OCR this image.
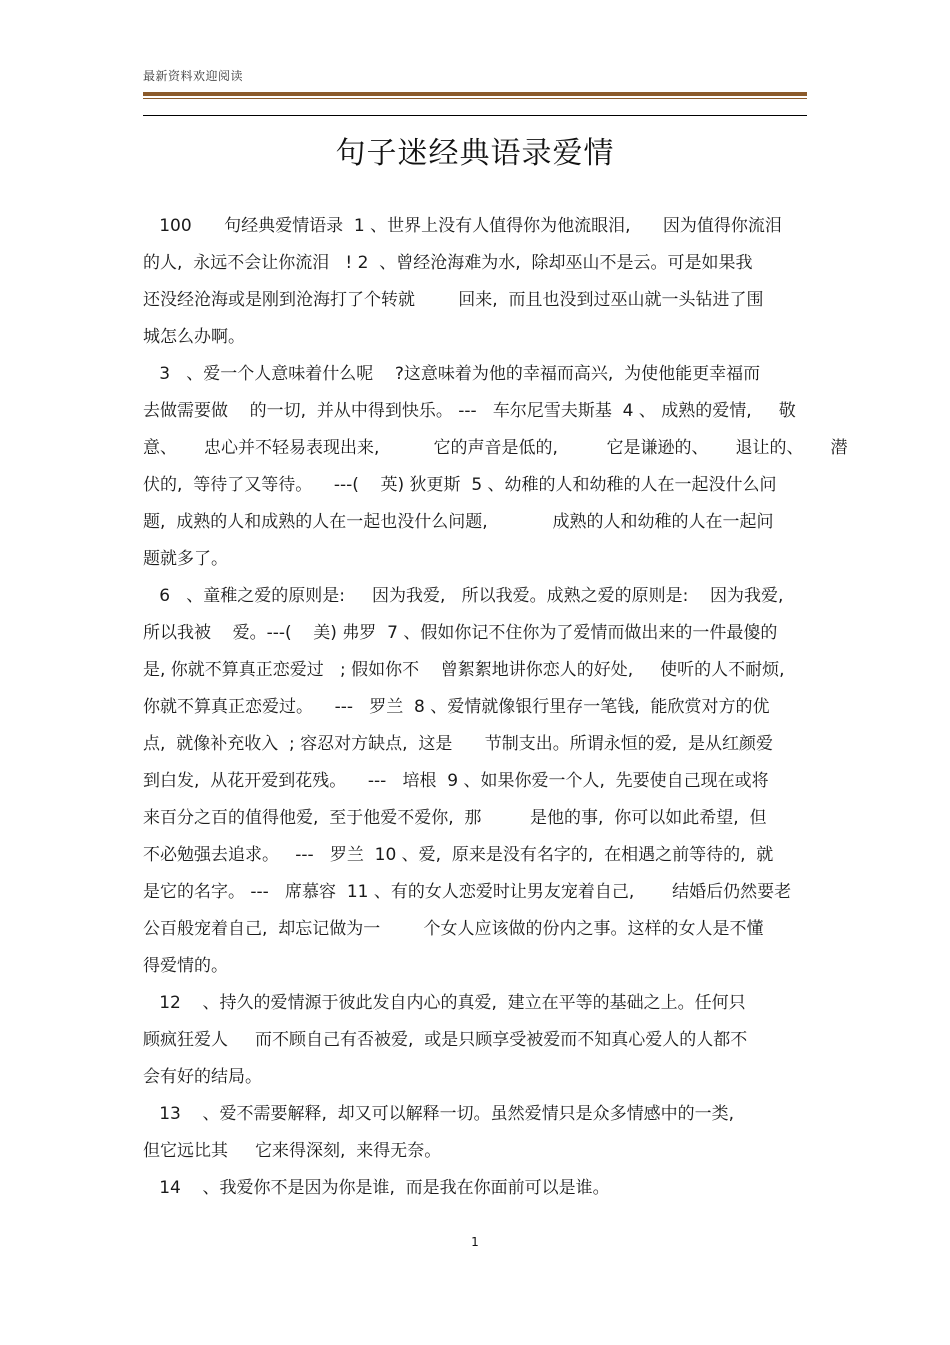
最新资料欢迎阅读
句子迷经典语录爱情
100      句经典爱情语录  1 、世界上没有人值得你为他流眼泪,      因为值得你流泪
的人,  永远不会让你流泪   ! 2  、曾经沧海难为水,  除却巫山不是云。可是如果我
还没经沧海或是刚到沧海打了个转就        回来,  而且也没到过巫山就一头钻进了围
城怎么办啊。
3   、爱一个人意味着什么呢    ?这意味着为他的幸福而高兴,  为使他能更幸福而
去做需要做    的一切,  并从中得到快乐。 ---   车尔尼雪夫斯基  4 、 成熟的爱情,     敬
意、     忠心并不轻易表现出来,          它的声音是低的,         它是谦逊的、     退让的、     潜
伏的,  等待了又等待。    ---(    英) 狄更斯  5 、幼稚的人和幼稚的人在一起没什么问
题,  成熟的人和成熟的人在一起也没什么问题,            成熟的人和幼稚的人在一起问
题就多了。
6   、童稚之爱的原则是:     因为我爱,   所以我爱。成熟之爱的原则是:    因为我爱,
所以我被    爱。---(    美) 弗罗  7 、假如你记不住你为了爱情而做出来的一件最傻的
是, 你就不算真正恋爱过   ; 假如你不    曾絮絮地讲你恋人的好处,     使听的人不耐烦,
你就不算真正恋爱过。    ---   罗兰  8 、爱情就像银行里存一笔钱,  能欣赏对方的优
点,  就像补充收入  ; 容忍对方缺点,  这是      节制支出。所谓永恒的爱,  是从红颜爱
到白发,  从花开爱到花残。    ---   培根  9 、如果你爱一个人,  先要使自己现在或将
来百分之百的值得他爱,  至于他爱不爱你,  那         是他的事,  你可以如此希望,  但
不必勉强去追求。   ---   罗兰  10 、爱,  原来是没有名字的,  在相遇之前等待的,  就
是它的名字。 ---   席慕容  11 、有的女人恋爱时让男友宠着自己,       结婚后仍然要老
公百般宠着自己,  却忘记做为一        个女人应该做的份内之事。这样的女人是不懂
得爱情的。
12    、持久的爱情源于彼此发自内心的真爱,  建立在平等的基础之上。任何只
顾疯狂爱人     而不顾自己有否被爱,  或是只顾享受被爱而不知真心爱人的人都不
会有好的结局。
13    、爱不需要解释,  却又可以解释一切。虽然爱情只是众多情感中的一类,
但它远比其     它来得深刻,  来得无奈。
14    、我爱你不是因为你是谁,  而是我在你面前可以是谁。
1
